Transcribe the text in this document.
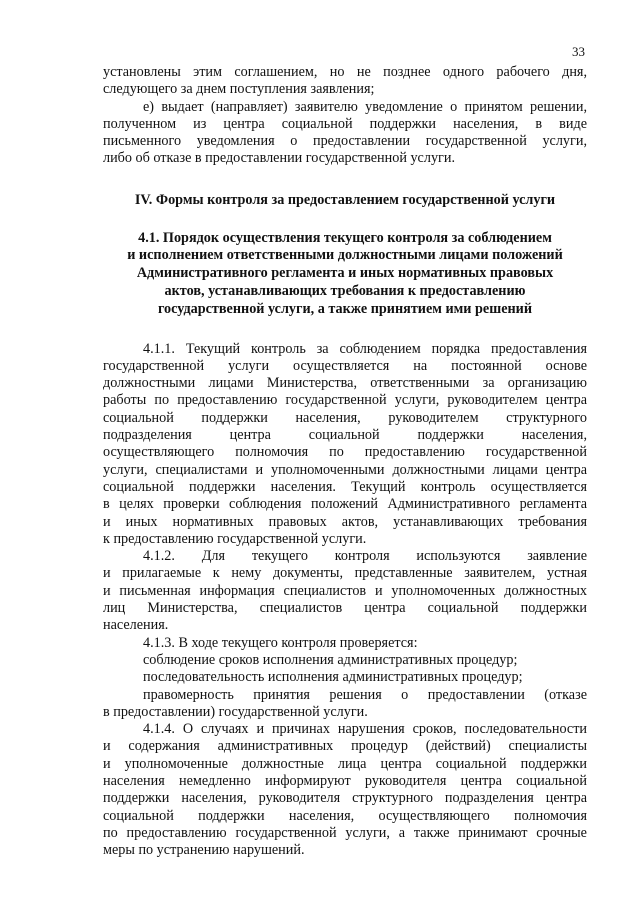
33
установлены этим соглашением, но не позднее одного рабочего дня,
следующего за днем поступления заявления;
е) выдает (направляет) заявителю уведомление о принятом решении,
полученном из центра социальной поддержки населения, в виде
письменного уведомления о предоставлении государственной услуги,
либо об отказе в предоставлении государственной услуги.
IV. Формы контроля за предоставлением государственной услуги
4.1. Порядок осуществления текущего контроля за соблюдением
и исполнением ответственными должностными лицами положений
Административного регламента и иных нормативных правовых
актов, устанавливающих требования к предоставлению
государственной услуги, а также принятием ими решений
4.1.1. Текущий контроль за соблюдением порядка предоставления
государственной услуги осуществляется на постоянной основе
должностными лицами Министерства, ответственными за организацию
работы по предоставлению государственной услуги, руководителем центра
социальной поддержки населения, руководителем структурного
подразделения центра социальной поддержки населения,
осуществляющего полномочия по предоставлению государственной
услуги, специалистами и уполномоченными должностными лицами центра
социальной поддержки населения. Текущий контроль осуществляется
в целях проверки соблюдения положений Административного регламента
и иных нормативных правовых актов, устанавливающих требования
к предоставлению государственной услуги.
4.1.2. Для текущего контроля используются заявление
и прилагаемые к нему документы, представленные заявителем, устная
и письменная информация специалистов и уполномоченных должностных
лиц Министерства, специалистов центра социальной поддержки
населения.
4.1.3. В ходе текущего контроля проверяется:
соблюдение сроков исполнения административных процедур;
последовательность исполнения административных процедур;
правомерность принятия решения о предоставлении (отказе
в предоставлении) государственной услуги.
4.1.4. О случаях и причинах нарушения сроков, последовательности
и содержания административных процедур (действий) специалисты
и уполномоченные должностные лица центра социальной поддержки
населения немедленно информируют руководителя центра социальной
поддержки населения, руководителя структурного подразделения центра
социальной поддержки населения, осуществляющего полномочия
по предоставлению государственной услуги, а также принимают срочные
меры по устранению нарушений.
